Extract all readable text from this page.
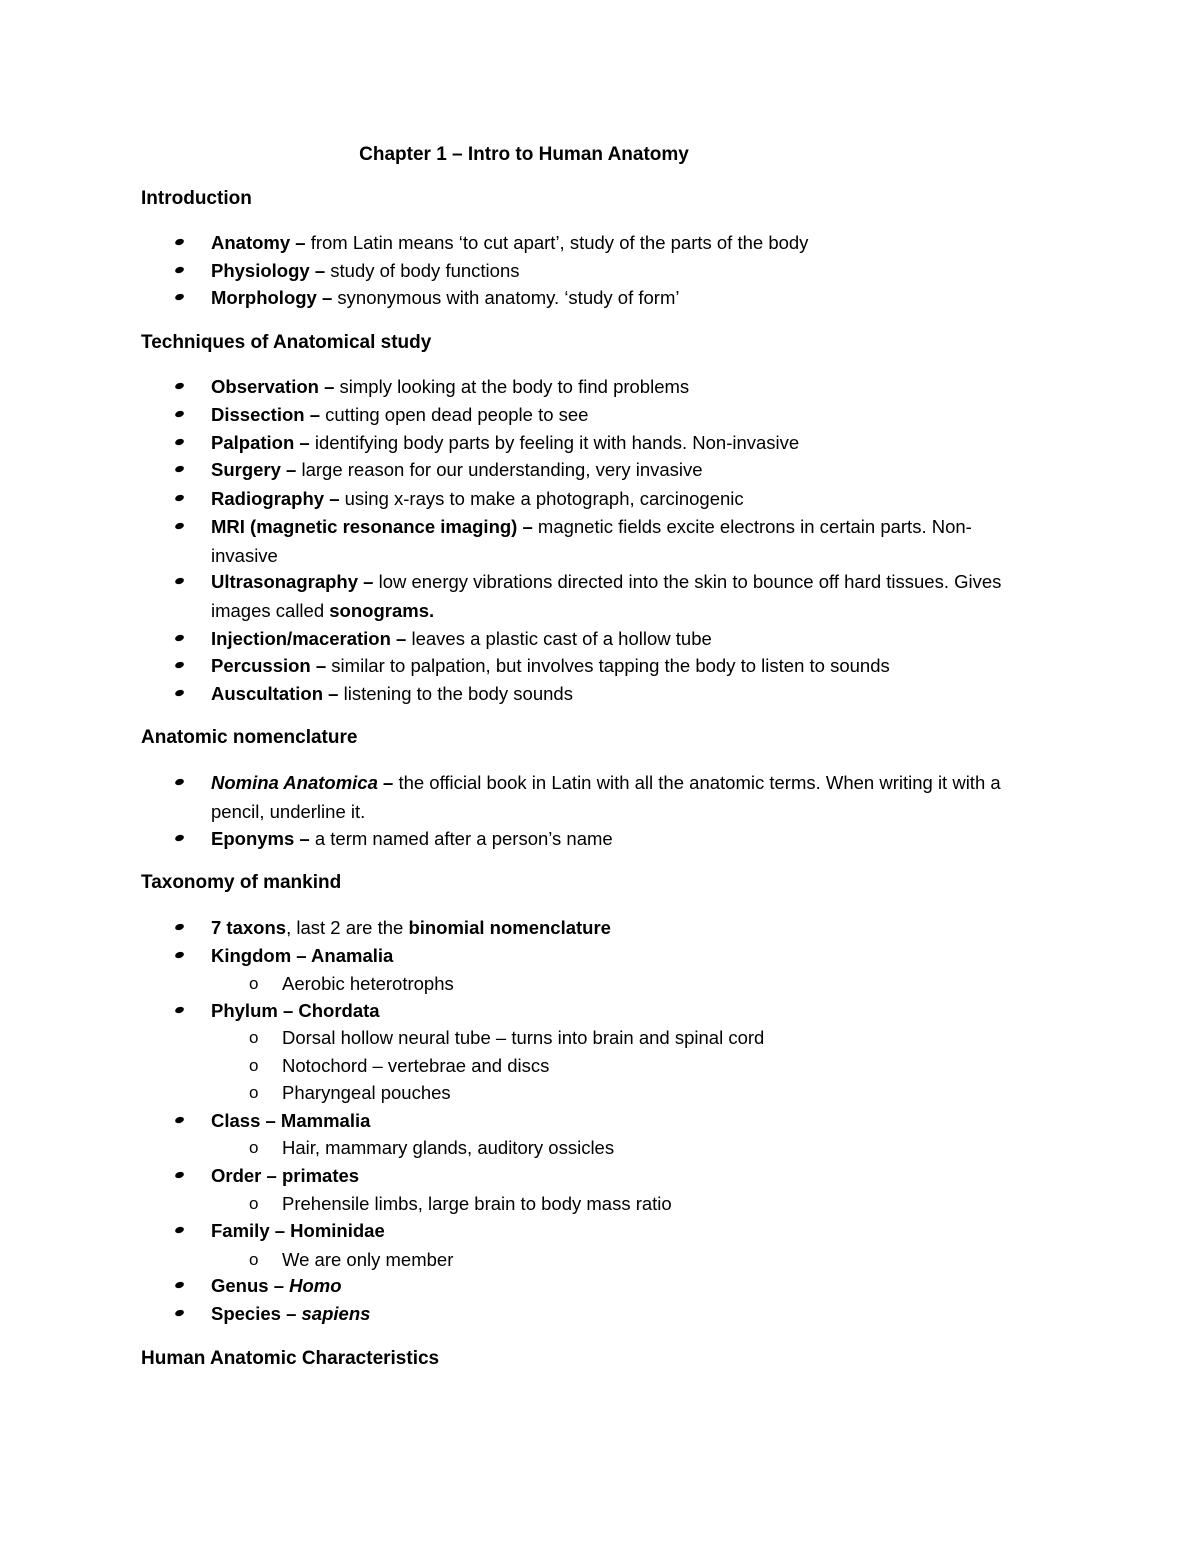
Chapter 1 – Intro to Human Anatomy
Introduction
Anatomy – from Latin means ‘to cut apart’, study of the parts of the body
Physiology – study of body functions
Morphology – synonymous with anatomy. ‘study of form’
Techniques of Anatomical study
Observation – simply looking at the body to find problems
Dissection – cutting open dead people to see
Palpation – identifying body parts by feeling it with hands. Non-invasive
Surgery – large reason for our understanding, very invasive
Radiography – using x-rays to make a photograph, carcinogenic
MRI (magnetic resonance imaging) – magnetic fields excite electrons in certain parts. Non-invasive
Ultrasonagraphy – low energy vibrations directed into the skin to bounce off hard tissues. Gives images called sonograms.
Injection/maceration – leaves a plastic cast of a hollow tube
Percussion – similar to palpation, but involves tapping the body to listen to sounds
Auscultation – listening to the body sounds
Anatomic nomenclature
Nomina Anatomica – the official book in Latin with all the anatomic terms. When writing it with a pencil, underline it.
Eponyms – a term named after a person’s name
Taxonomy of mankind
7 taxons, last 2 are the binomial nomenclature
Kingdom – Anamalia
o Aerobic heterotrophs
Phylum – Chordata
o Dorsal hollow neural tube – turns into brain and spinal cord
o Notochord – vertebrae and discs
o Pharyngeal pouches
Class – Mammalia
o Hair, mammary glands, auditory ossicles
Order – primates
o Prehensile limbs, large brain to body mass ratio
Family – Hominidae
o We are only member
Genus – Homo
Species – sapiens
Human Anatomic Characteristics
